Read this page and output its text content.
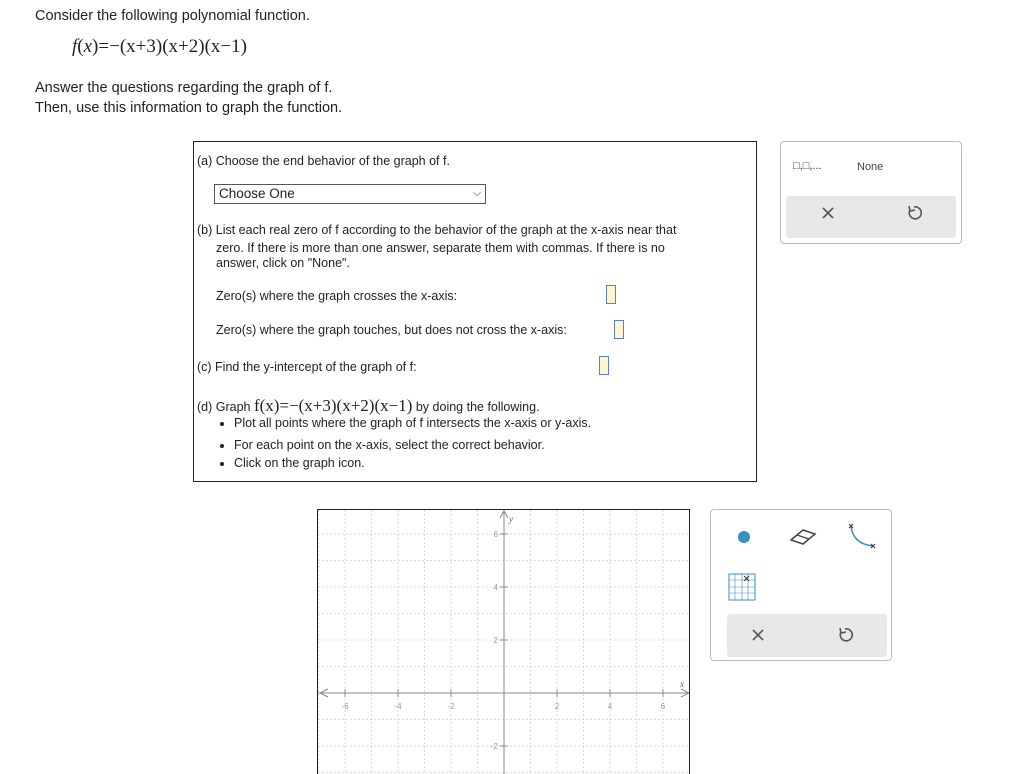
Consider the following polynomial function.
f(x)=−(x+3)(x+2)(x−1)
Answer the questions regarding the graph of f.
Then, use this information to graph the function.
(a) Choose the end behavior of the graph of f.
(b) List each real zero of f according to the behavior of the graph at the x-axis near that
zero. If there is more than one answer, separate them with commas. If there is no
answer, click on "None".
Zero(s) where the graph crosses the x-axis:
Zero(s) where the graph touches, but does not cross the x-axis:
(c) Find the y-intercept of the graph of f:
(d) Graph f(x)=−(x+3)(x+2)(x−1) by doing the following.
• Plot all points where the graph of f intersects the x-axis or y-axis.
• For each point on the x-axis, select the correct behavior.
• Click on the graph icon.
Choose One	⌵
□,□,...	None
-6	-4	-2	2	4	6
6
4
2
-2
x
y
